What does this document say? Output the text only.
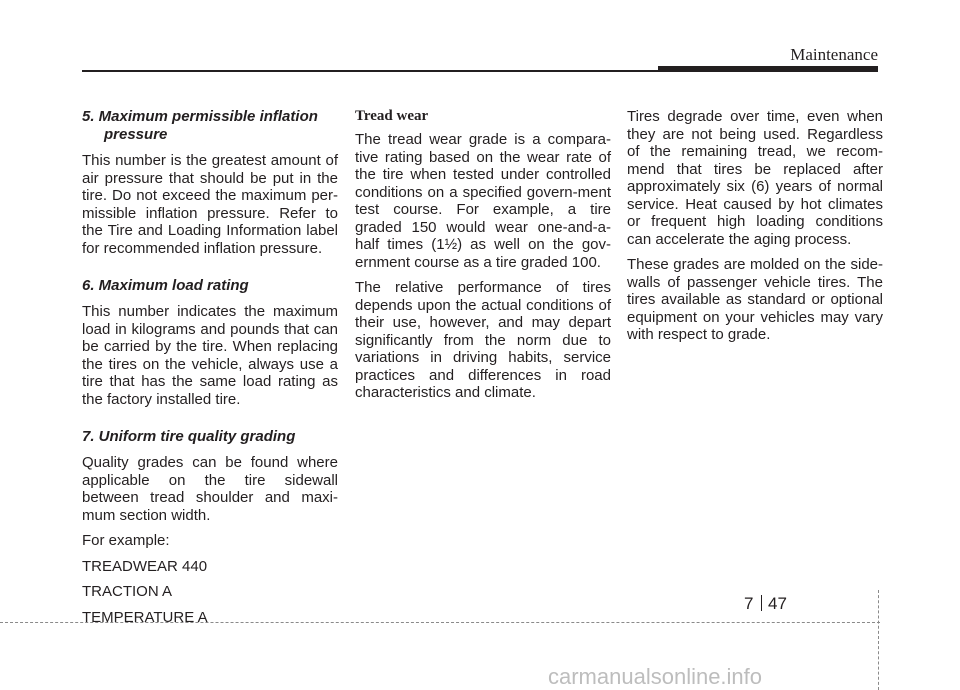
Maintenance
5. Maximum permissible inflation pressure

This number is the greatest amount of air pressure that should be put in the tire. Do not exceed the maximum per-missible inflation pressure. Refer to the Tire and Loading Information label for recommended inflation pressure.

6. Maximum load rating

This number indicates the maximum load in kilograms and pounds that can be carried by the tire. When replacing the tires on the vehicle, always use a tire that has the same load rating as the factory installed tire.

7. Uniform tire quality grading

Quality grades can be found where applicable on the tire sidewall between tread shoulder and maxi-mum section width.

For example:

TREADWEAR 440

TRACTION A

TEMPERATURE A

Tread wear

The tread wear grade is a compara-tive rating based on the wear rate of the tire when tested under controlled conditions on a specified govern-ment test course. For example, a tire graded 150 would wear one-and-a-half times (1½) as well on the gov-ernment course as a tire graded 100.

The relative performance of tires depends upon the actual conditions of their use, however, and may depart significantly from the norm due to variations in driving habits, service practices and differences in road characteristics and climate.

Tires degrade over time, even when they are not being used. Regardless of the remaining tread, we recom-mend that tires be replaced after approximately six (6) years of normal service. Heat caused by hot climates or frequent high loading conditions can accelerate the aging process.

These grades are molded on the side-walls of passenger vehicle tires. The tires available as standard or optional equipment on your vehicles may vary with respect to grade.

7 47
carmanualsonline.info
